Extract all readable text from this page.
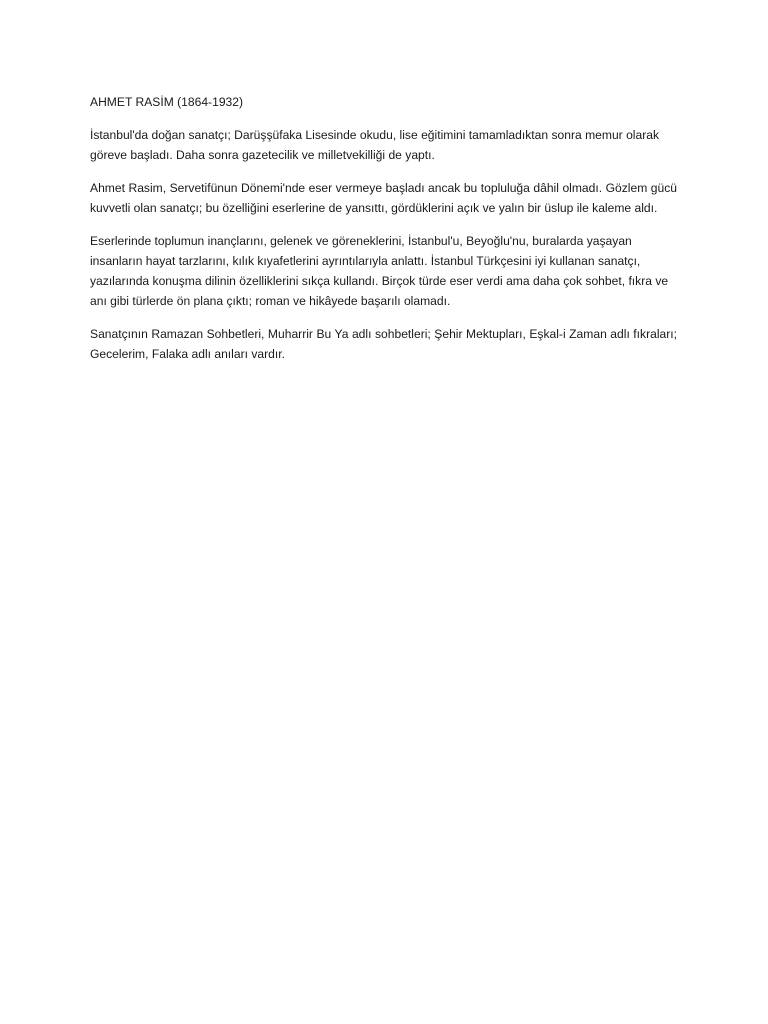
AHMET RASİM (1864-1932)

İstanbul'da doğan sanatçı; Darüşşüfaka Lisesinde okudu, lise eğitimini tamamladıktan sonra memur olarak göreve başladı. Daha sonra gazetecilik ve milletvekilliği de yaptı.

Ahmet Rasim, Servetifünun Dönemi'nde eser vermeye başladı ancak bu topluluğa dâhil olmadı. Gözlem gücü kuvvetli olan sanatçı; bu özelliğini eserlerine de yansıttı, gördüklerini açık ve yalın bir üslup ile kaleme aldı.

Eserlerinde toplumun inançlarını, gelenek ve göreneklerini, İstanbul'u, Beyoğlu'nu, buralarda yaşayan insanların hayat tarzlarını, kılık kıyafetlerini ayrıntılarıyla anlattı. İstanbul Türkçesini iyi kullanan sanatçı, yazılarında konuşma dilinin özelliklerini sıkça kullandı. Birçok türde eser verdi ama daha çok sohbet, fıkra ve anı gibi türlerde ön plana çıktı; roman ve hikâyede başarılı olamadı.

Sanatçının Ramazan Sohbetleri, Muharrir Bu Ya adlı sohbetleri; Şehir Mektupları, Eşkal-i Zaman adlı fıkraları; Gecelerim, Falaka adlı anıları vardır.
